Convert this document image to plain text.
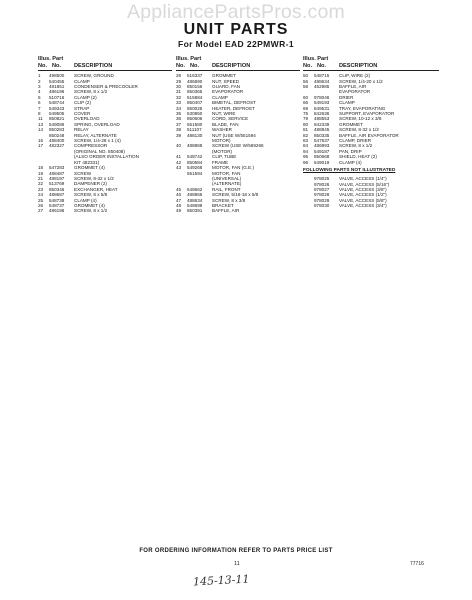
AppliancePartsPros.com
UNIT PARTS
For Model EAD 22PMWR-1
Illus. Part
No. No.	DESCRIPTION
1	498500	SCREW, GROUND
2	540455	CLAMP
3	481851	CONDENSER & PRECOOLER
4	486196	SCREW, 8 x 1/2
5	510716	CLAMP (2)
6	548744	CLIP (2)
7	549343	STRAP
8	549505	COVER
11	850821	OVERLOAD
13	549086	SPRING, OVERLOAD
14	850283	RELAY
850248	RELAY, ALTERNATE
16	488400	SCREW, 1/4-28 x 1 (4)
17	482327	COMPRESSOR
(ORIGINAL NO. 850408)
(ALSO ORDER INSTALLATION
KIT 482331)
18	547283	GROMMET (4)
19	488487	SCREW
21	488197	SCREW, 8-32 x 1/2
22	513769	DAMPENER (2)
23	850346	EXCHANGER, HEAT
24	488687	SCREW, 8 x 5/8
25	548738	CLAMP (4)
26	548737	GROMMET (4)
27	486196	SCREW, 8 x 1/2
Illus. Part
No. No.	DESCRIPTION
28	516337	GROMMET
29	486690	NUT, SPEED
30	850156	GUARD, FAN
31	850365	EVAPORATOR
32	515884	CLAMP
33	850407	BIMETAL, DEFROST
34	850025	HEATER, DEFROST
35	530850	NUT, WIRE
36	850606	CORD, SERVICE
37	551580	BLADE, FAN
38	511107	WASHER
39	488130	NUT (USE W/551594
MOTOR)
40	488868	SCREW (USE W/569266
(MOTOR)
41	548742	CLIP, TUBE
42	850584	FRAME
43	549266	MOTOR, FAN (G.E.)
551594	MOTOR, FAN
(UNIVERSAL)
(ALTERNATE)
45	548662	RAIL, FRONT
46	488865	SCREW, 5/16-18 x 5/8
47	488634	SCREW, 8 x 3/8
48	548698	BRACKET
49	850391	BAFFLE, AIR
Illus. Part
No. No.	DESCRIPTION
50	548715	CLIP, WIRE (2)
56	488634	SCREW, 1/4-20 x 1/2
58	452985	BAFFLE, AIR
EVAPORATOR
60	978046	DRIER
66	549193	CLAMP
69	849531	TRAY, EVAPORATING
75	842636	SUPPORT, EVAPORATOR
79	488553	SCREW, 10-12 x 3/8
80	842339	GROMMET
81	488845	SCREW, 8-32 x 1/2
82	850335	BAFFLE, AIR EVAPORATOR
83	547637	CLAMP, DRIER
84	486993	SCREW, 8 x 1/2
94	549187	PAN, DRIP
95	850668	SHIELD, HEAT (2)
96	549019	CLAMP (4)
FOLLOWING PARTS NOT ILLUSTRATED
978025	VALVE, ACCESS (1/4")
978026	VALVE, ACCESS (5/16")
978027	VALVE, ACCESS (3/8")
978028	VALVE, ACCESS (1/2")
978029	VALVE, ACCESS (5/8")
978030	VALVE, ACCESS (3/4")
FOR ORDERING INFORMATION REFER TO PARTS PRICE LIST
11	77716
145-13-11
